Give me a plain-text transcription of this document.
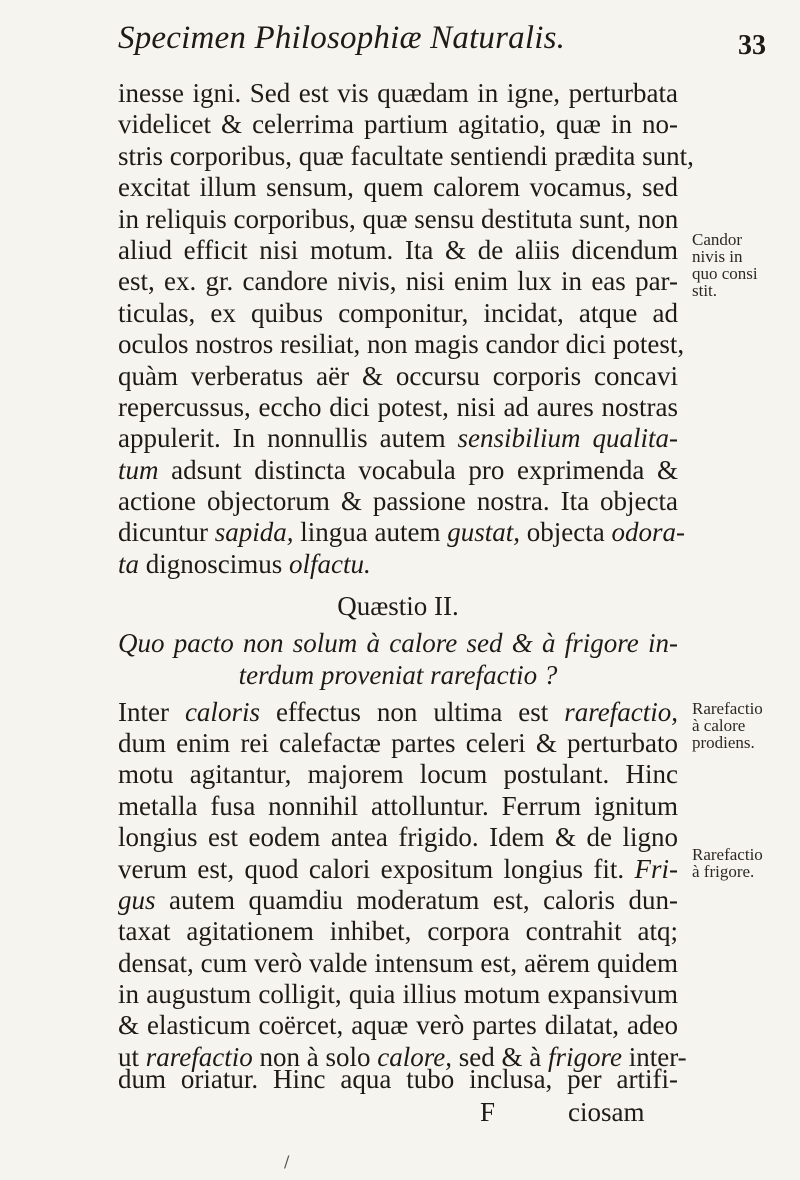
Specimen Philosophiæ Naturalis.	33
inesse igni. Sed est vis quædam in igne, perturbata
videlicet & celerrima partium agitatio, quæ in no-
stris corporibus, quæ facultate sentiendi prædita sunt,
excitat illum sensum, quem calorem vocamus, sed
in reliquis corporibus, quæ sensu destituta sunt, non
aliud efficit nisi motum. Ita & de aliis dicendum
est, ex. gr. candore nivis, nisi enim lux in eas par-
ticulas, ex quibus componitur, incidat, atque ad
oculos nostros resiliat, non magis candor dici potest,
quàm verberatus aër & occursu corporis concavi
repercussus, eccho dici potest, nisi ad aures nostras
appulerit. In nonnullis autem sensibilium qualita-
tum adsunt distincta vocabula pro exprimenda &
actione objectorum & passione nostra. Ita objecta
dicuntur sapida, lingua autem gustat, objecta odora-
ta dignoscimus olfactu.
Quæstio II.
Quo pacto non solum à calore sed & à frigore in-
terdum proveniat rarefactio ?
Inter caloris effectus non ultima est rarefactio,
dum enim rei calefactæ partes celeri & perturbato
motu agitantur, majorem locum postulant. Hinc
metalla fusa nonnihil attolluntur. Ferrum ignitum
longius est eodem antea frigido. Idem & de ligno
verum est, quod calori expositum longius fit. Fri-
gus autem quamdiu moderatum est, caloris dun-
taxat agitationem inhibet, corpora contrahit atq;
densat, cum verò valde intensum est, aërem quidem
in augustum colligit, quia illius motum expansivum
& elasticum coërcet, aquæ verò partes dilatat, adeo
ut rarefactio non à solo calore, sed & à frigore inter-
Candor
nivis in
quo consi
stit.
Rarefactio
à calore
prodiens.
Rarefactio
à frigore.
dum oriatur. Hinc aqua tubo inclusa, per artifi-
F	ciosam
/
